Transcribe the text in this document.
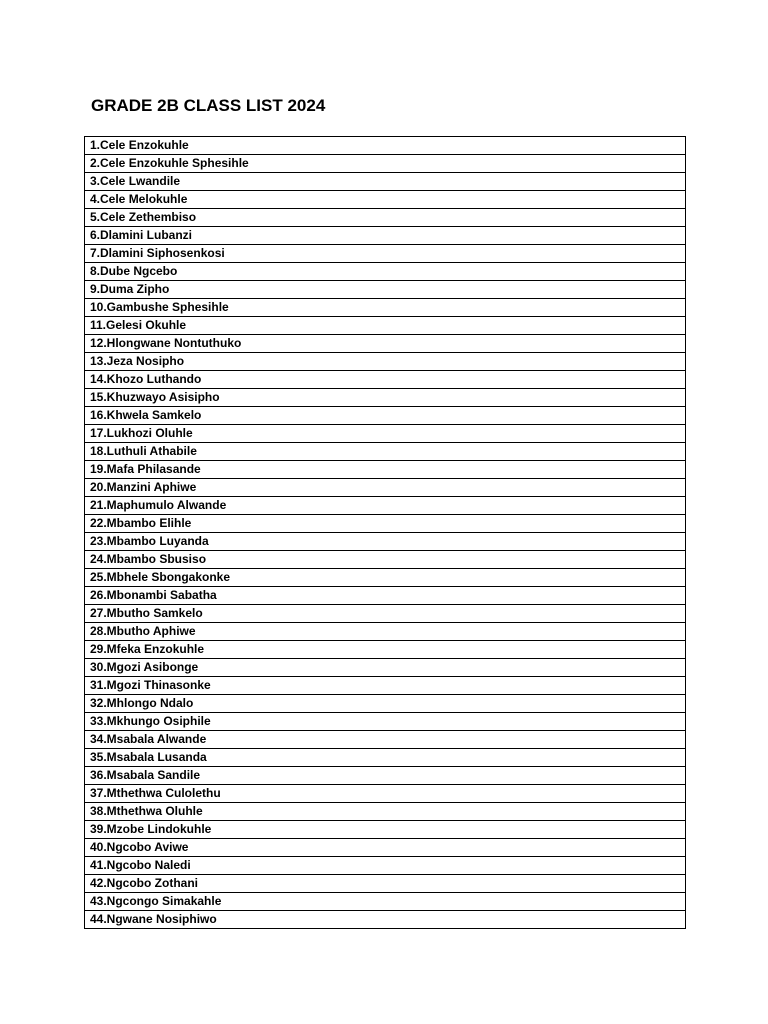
GRADE 2B CLASS LIST 2024
1.Cele Enzokuhle
2.Cele Enzokuhle Sphesihle
3.Cele Lwandile
4.Cele Melokuhle
5.Cele Zethembiso
6.Dlamini Lubanzi
7.Dlamini Siphosenkosi
8.Dube Ngcebo
9.Duma Zipho
10.Gambushe Sphesihle
11.Gelesi Okuhle
12.Hlongwane Nontuthuko
13.Jeza Nosipho
14.Khozo Luthando
15.Khuzwayo Asisipho
16.Khwela Samkelo
17.Lukhozi Oluhle
18.Luthuli Athabile
19.Mafa Philasande
20.Manzini Aphiwe
21.Maphumulo Alwande
22.Mbambo Elihle
23.Mbambo Luyanda
24.Mbambo Sbusiso
25.Mbhele Sbongakonke
26.Mbonambi Sabatha
27.Mbutho Samkelo
28.Mbutho Aphiwe
29.Mfeka Enzokuhle
30.Mgozi Asibonge
31.Mgozi Thinasonke
32.Mhlongo Ndalo
33.Mkhungo Osiphile
34.Msabala Alwande
35.Msabala Lusanda
36.Msabala Sandile
37.Mthethwa Culolethu
38.Mthethwa Oluhle
39.Mzobe Lindokuhle
40.Ngcobo Aviwe
41.Ngcobo Naledi
42.Ngcobo Zothani
43.Ngcongo Simakahle
44.Ngwane Nosiphiwo
